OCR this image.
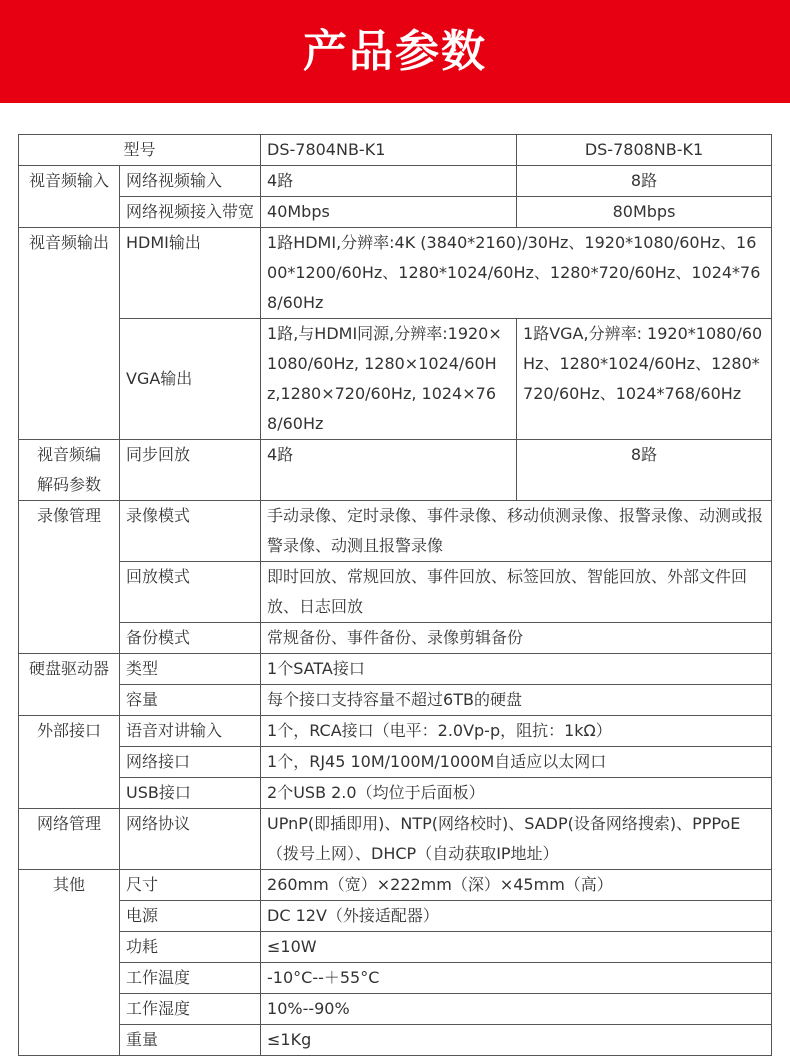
产品参数
型号		DS-7804NB-K1	DS-7808NB-K1
视音频输入	网络视频输入	4路	8路
	网络视频接入带宽	40Mbps	80Mbps
视音频输出	HDMI输出	1路HDMI,分辨率:4K (3840*2160)/30Hz、1920*1080/60Hz、1600*1200/60Hz、1280*1024/60Hz、1280*720/60Hz、1024*768/60Hz	
	VGA输出	1路,与HDMI同源,分辨率:1920×1080/60Hz, 1280×1024/60Hz,1280×720/60Hz, 1024×768/60Hz	1路VGA,分辨率: 1920*1080/60Hz、1280*1024/60Hz、1280*720/60Hz、1024*768/60Hz
视音频编解码参数	同步回放	4路	8路
录像管理	录像模式	手动录像、定时录像、事件录像、移动侦测录像、报警录像、动测或报警录像、动测且报警录像	
	回放模式	即时回放、常规回放、事件回放、标签回放、智能回放、外部文件回放、日志回放	
	备份模式	常规备份、事件备份、录像剪辑备份	
硬盘驱动器	类型	1个SATA接口	
	容量	每个接口支持容量不超过6TB的硬盘	
外部接口	语音对讲输入	1个，RCA接口（电平：2.0Vp-p，阻抗：1kΩ）	
	网络接口	1个，RJ45 10M/100M/1000M自适应以太网口	
	USB接口	2个USB 2.0（均位于后面板）	
网络管理	网络协议	UPnP(即插即用)、NTP(网络校时)、SADP(设备网络搜索)、PPPoE（拨号上网）、DHCP（自动获取IP地址）	
其他	尺寸	260mm（宽）×222mm（深）×45mm（高）	
	电源	DC 12V（外接适配器）	
	功耗	≤10W	
	工作温度	-10°C--＋55°C	
	工作湿度	10%--90%	
	重量	≤1Kg	
